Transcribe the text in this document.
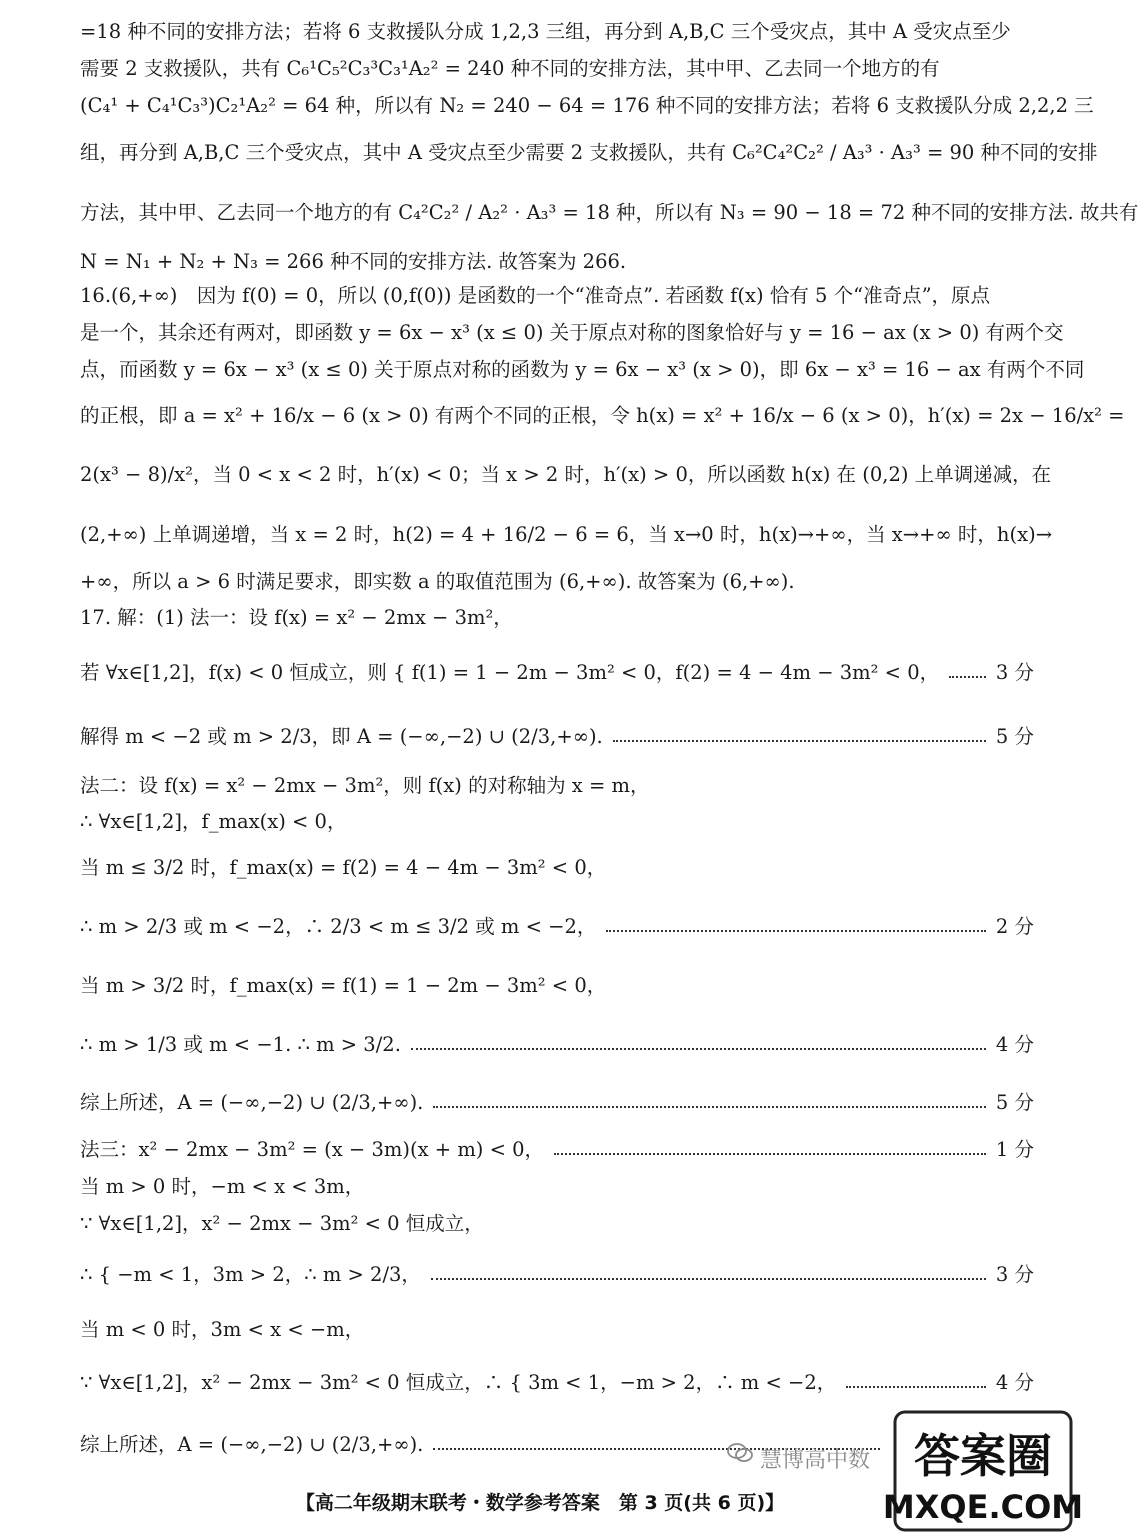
=18 种不同的安排方法；若将 6 支救援队分成 1,2,3 三组，再分到 A,B,C 三个受灾点，其中 A 受灾点至少
需要 2 支救援队，共有 C₆¹C₅²C₃³C₃¹A₂² = 240 种不同的安排方法，其中甲、乙去同一个地方的有
(C₄¹ + C₄¹C₃³)C₂¹A₂² = 64 种，所以有 N₂ = 240 − 64 = 176 种不同的安排方法；若将 6 支救援队分成 2,2,2 三
组，再分到 A,B,C 三个受灾点，其中 A 受灾点至少需要 2 支救援队，共有 C₆²C₄²C₂² / A₃³ · A₃³ = 90 种不同的安排
方法，其中甲、乙去同一个地方的有 C₄²C₂² / A₂² · A₃³ = 18 种，所以有 N₃ = 90 − 18 = 72 种不同的安排方法. 故共有
N = N₁ + N₂ + N₃ = 266 种不同的安排方法. 故答案为 266.
16.(6,+∞)　因为 f(0) = 0，所以 (0,f(0)) 是函数的一个“准奇点”. 若函数 f(x) 恰有 5 个“准奇点”，原点
是一个，其余还有两对，即函数 y = 6x − x³ (x ≤ 0) 关于原点对称的图象恰好与 y = 16 − ax (x > 0) 有两个交
点，而函数 y = 6x − x³ (x ≤ 0) 关于原点对称的函数为 y = 6x − x³ (x > 0)，即 6x − x³ = 16 − ax 有两个不同
的正根，即 a = x² + 16/x − 6 (x > 0) 有两个不同的正根，令 h(x) = x² + 16/x − 6 (x > 0)，h′(x) = 2x − 16/x² =
2(x³ − 8)/x²，当 0 < x < 2 时，h′(x) < 0；当 x > 2 时，h′(x) > 0，所以函数 h(x) 在 (0,2) 上单调递减，在
(2,+∞) 上单调递增，当 x = 2 时，h(2) = 4 + 16/2 − 6 = 6，当 x→0 时，h(x)→+∞，当 x→+∞ 时，h(x)→
+∞，所以 a > 6 时满足要求，即实数 a 的取值范围为 (6,+∞). 故答案为 (6,+∞).
17. 解：(1) 法一：设 f(x) = x² − 2mx − 3m²，
若 ∀x∈[1,2]，f(x) < 0 恒成立，则 { f(1) = 1 − 2m − 3m² < 0，f(2) = 4 − 4m − 3m² < 0，	3 分
解得 m < −2 或 m > 2/3，即 A = (−∞,−2) ∪ (2/3,+∞).	5 分
法二：设 f(x) = x² − 2mx − 3m²，则 f(x) 的对称轴为 x = m，
∴ ∀x∈[1,2]，f_max(x) < 0，
当 m ≤ 3/2 时，f_max(x) = f(2) = 4 − 4m − 3m² < 0，
∴ m > 2/3 或 m < −2，∴ 2/3 < m ≤ 3/2 或 m < −2，	2 分
当 m > 3/2 时，f_max(x) = f(1) = 1 − 2m − 3m² < 0，
∴ m > 1/3 或 m < −1. ∴ m > 3/2.	4 分
综上所述，A = (−∞,−2) ∪ (2/3,+∞).	5 分
法三：x² − 2mx − 3m² = (x − 3m)(x + m) < 0，	1 分
当 m > 0 时，−m < x < 3m，
∵ ∀x∈[1,2]，x² − 2mx − 3m² < 0 恒成立，
∴ { −m < 1，3m > 2，∴ m > 2/3，	3 分
当 m < 0 时，3m < x < −m，
∵ ∀x∈[1,2]，x² − 2mx − 3m² < 0 恒成立，∴ { 3m < 1，−m > 2，∴ m < −2，	4 分
综上所述，A = (−∞,−2) ∪ (2/3,+∞).
【高二年级期末联考・数学参考答案　第 3 页(共 6 页)】
慧博高中数 答案圈
MXQE.COM
